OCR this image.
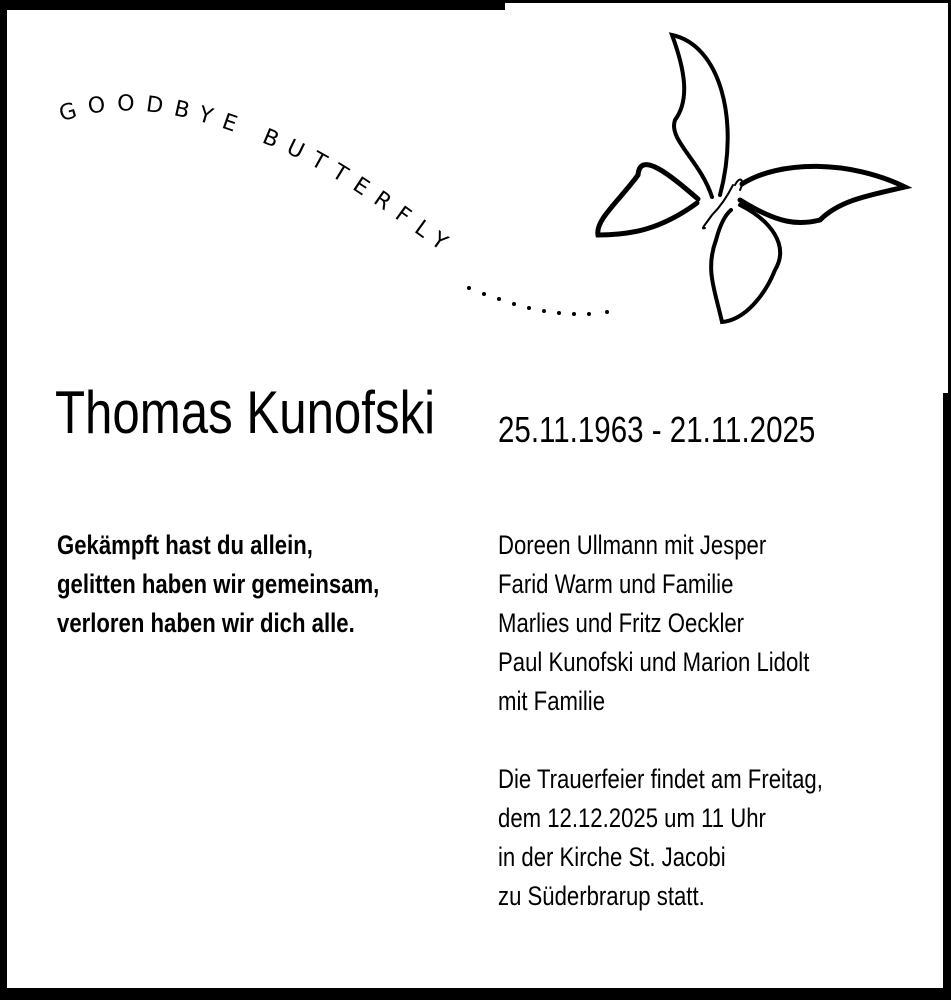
GOODBYE BUTTERFLY
Thomas Kunofski	25.11.1963 - 21.11.2025
Gekämpft hast du allein,
gelitten haben wir gemeinsam,
verloren haben wir dich alle.
Doreen Ullmann mit Jesper
Farid Warm und Familie
Marlies und Fritz Oeckler
Paul Kunofski und Marion Lidolt
mit Familie
Die Trauerfeier findet am Freitag,
dem 12.12.2025 um 11 Uhr
in der Kirche St. Jacobi
zu Süderbrarup statt.
